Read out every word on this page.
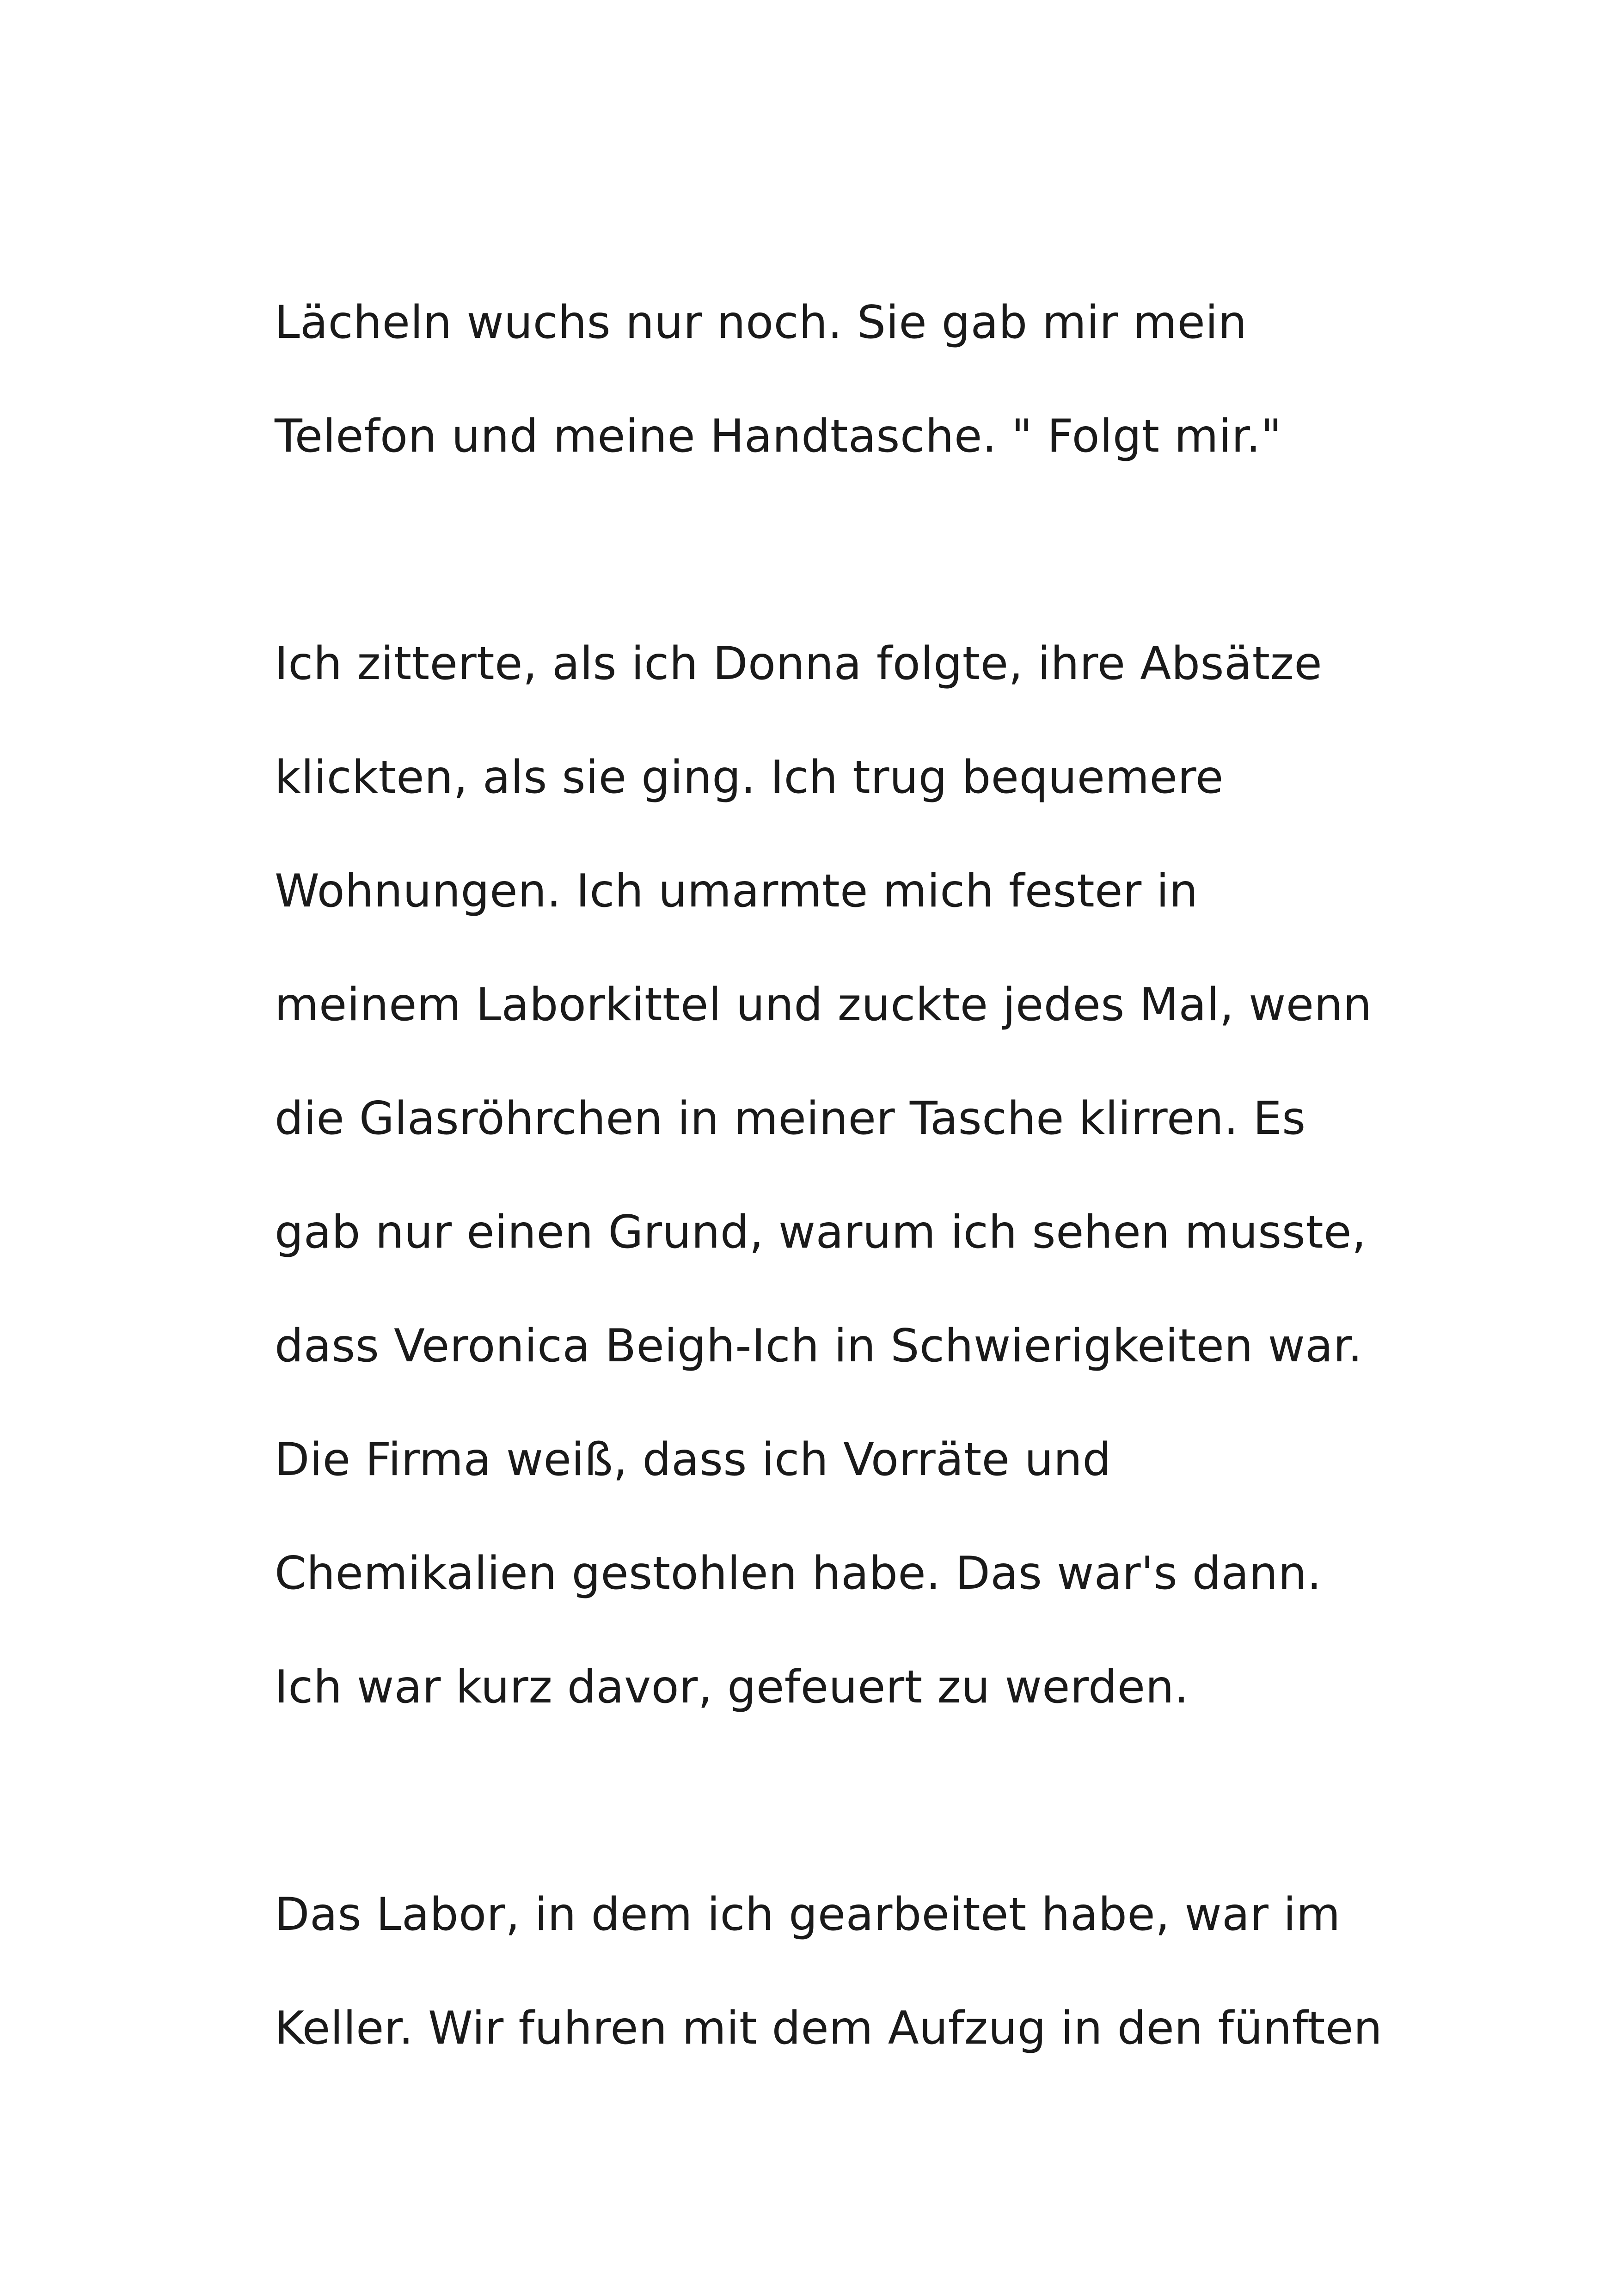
Lächeln wuchs nur noch. Sie gab mir mein
Telefon und meine Handtasche. " Folgt mir."
Ich zitterte, als ich Donna folgte, ihre Absätze
klickten, als sie ging. Ich trug bequemere
Wohnungen. Ich umarmte mich fester in
meinem Laborkittel und zuckte jedes Mal, wenn
die Glasröhrchen in meiner Tasche klirren. Es
gab nur einen Grund, warum ich sehen musste,
dass Veronica Beigh-Ich in Schwierigkeiten war.
Die Firma weiß, dass ich Vorräte und
Chemikalien gestohlen habe. Das war's dann.
Ich war kurz davor, gefeuert zu werden.
Das Labor, in dem ich gearbeitet habe, war im
Keller. Wir fuhren mit dem Aufzug in den fünften
